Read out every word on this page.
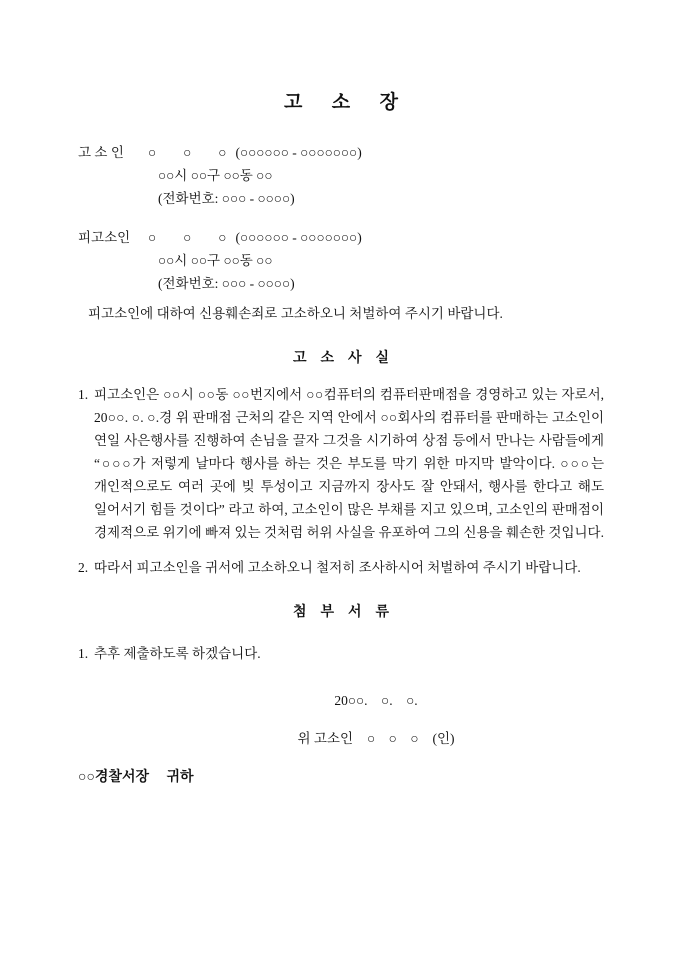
고소장
고 소 인 ○　　○　　○ (○○○○○○ - ○○○○○○○)
○○시 ○○구 ○○동 ○○
(전화번호: ○○○ - ○○○○)
피고소인 ○　　○　　○ (○○○○○○ - ○○○○○○○)
○○시 ○○구 ○○동 ○○
(전화번호: ○○○ - ○○○○)

피고소인에 대하여 신용훼손죄로 고소하오니 처벌하여 주시기 바랍니다.

고소사실
1. 피고소인은 ○○시 ○○동 ○○번지에서 ○○컴퓨터의 컴퓨터판매점을 경영하고 있는 자로서, 20○○. ○. ○.경 위 판매점 근처의 같은 지역 안에서 ○○회사의 컴퓨터를 판매하는 고소인이 연일 사은행사를 진행하여 손님을 끌자 그것을 시기하여 상점 등에서 만나는 사람들에게 “○○○가 저렇게 날마다 행사를 하는 것은 부도를 막기 위한 마지막 발악이다. ○○○는 개인적으로도 여러 곳에 빚 투성이고 지금까지 장사도 잘 안돼서, 행사를 한다고 해도 일어서기 힘들 것이다” 라고 하여, 고소인이 많은 부채를 지고 있으며, 고소인의 판매점이 경제적으로 위기에 빠져 있는 것처럼 허위 사실을 유포하여 그의 신용을 훼손한 것입니다.
2. 따라서 피고소인을 귀서에 고소하오니 철저히 조사하시어 처벌하여 주시기 바랍니다.
첨부서류
1. 추후 제출하도록 하겠습니다.
20○○.　○.　○.
위 고소인 ○　○　○ (인)
○○경찰서장　 귀하
